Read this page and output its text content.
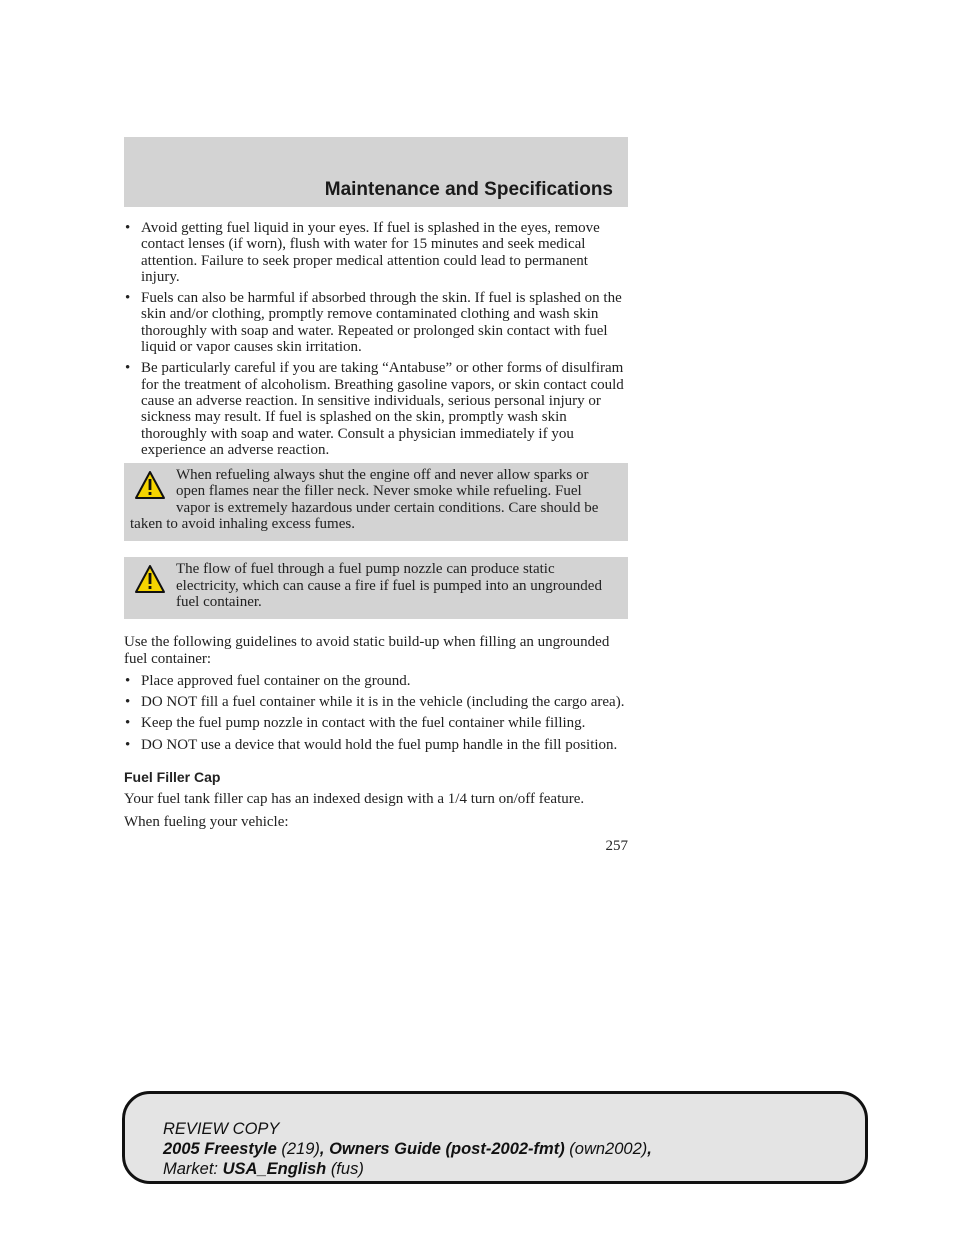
Maintenance and Specifications
• Avoid getting fuel liquid in your eyes. If fuel is splashed in the eyes, remove contact lenses (if worn), flush with water for 15 minutes and seek medical attention. Failure to seek proper medical attention could lead to permanent injury.
• Fuels can also be harmful if absorbed through the skin. If fuel is splashed on the skin and/or clothing, promptly remove contaminated clothing and wash skin thoroughly with soap and water. Repeated or prolonged skin contact with fuel liquid or vapor causes skin irritation.
• Be particularly careful if you are taking “Antabuse” or other forms of disulfiram for the treatment of alcoholism. Breathing gasoline vapors, or skin contact could cause an adverse reaction. In sensitive individuals, serious personal injury or sickness may result. If fuel is splashed on the skin, promptly wash skin thoroughly with soap and water. Consult a physician immediately if you experience an adverse reaction.
When refueling always shut the engine off and never allow sparks or open flames near the filler neck. Never smoke while refueling. Fuel vapor is extremely hazardous under certain conditions. Care should be taken to avoid inhaling excess fumes.
The flow of fuel through a fuel pump nozzle can produce static electricity, which can cause a fire if fuel is pumped into an ungrounded fuel container.

Use the following guidelines to avoid static build-up when filling an ungrounded fuel container:

• Place approved fuel container on the ground.
• DO NOT fill a fuel container while it is in the vehicle (including the cargo area).
• Keep the fuel pump nozzle in contact with the fuel container while filling.
• DO NOT use a device that would hold the fuel pump handle in the fill position.
Fuel Filler Cap

Your fuel tank filler cap has an indexed design with a 1/4 turn on/off feature.

When fueling your vehicle:

257
REVIEW COPY
2005 Freestyle (219), Owners Guide (post-2002-fmt) (own2002),
Market: USA_English (fus)
